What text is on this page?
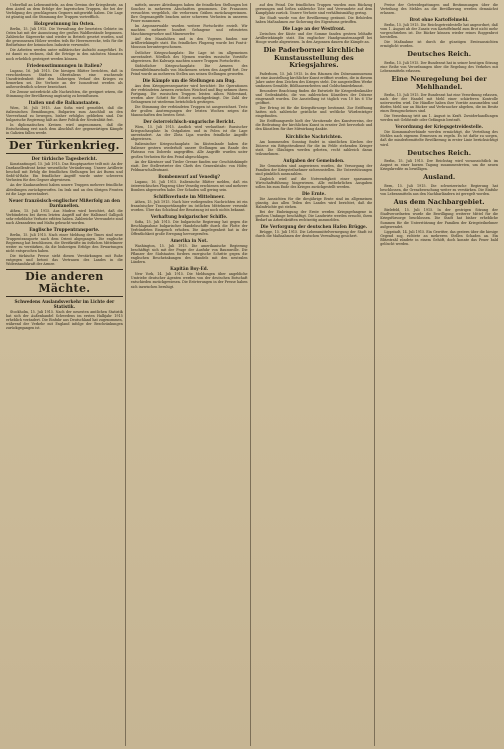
Ueberfluß an Lebensmitteln, an dem Gewinn der Kriegsbeute, an dem Anteil an dem Erfolge der bayerischen Truppen, die bei der Verfolgung des geschlagenen Gegners mitgewirkt haben. Die Lage ist günstig und die Stimmung der Truppen vortrefflich.

Holzgewinnung im Osten.

Berlin, 15. Juli 1915. Die Verwaltung der besetzten Gebiete im Osten hat mit der Ausnutzung der großen Waldbestände begonnen. Zahlreiche Sägewerke sind wieder in Betrieb gesetzt worden, und die gewonnenen Hölzer werden teils für Heereszwecke, teils für die Bedürfnisse der heimischen Industrie verwendet.

Die Arbeiten werden unter militärischer Aufsicht ausgeführt. Es ist damit zu rechnen, daß die Erträge in den nächsten Monaten noch erheblich gesteigert werden können.

Friedensstimmungen in Italien?

Lugano, 16. Juli 1915. Die hiesigen Blätter berichten, daß in verschiedenen Städten Oberitaliens eine wachsende Unzufriedenheit über den bisherigen Verlauf des Krieges zu bemerken sei. Die Verluste an der Isonzofront werden als außerordentlich schwer bezeichnet.

Die Zensur unterdrückt alle Nachrichten, die geeignet wären, die Stimmung der Bevölkerung ungünstig zu beeinflussen.

Italien und die Balkanstaaten.

Wien, 16. Juli 1915. Aus Sofia wird gemeldet, daß die italienischen Bemühungen, Bulgarien zum Anschluß an den Vierverband zu bewegen, bisher erfolglos geblieben sind. Die bulgarische Regierung hält an ihrer Politik der Neutralität fest.

In diplomatischen Kreisen wird angenommen, daß die Entscheidung erst nach dem Abschluß der gegenwärtigen Kämpfe in Galizien fallen werde.

Der Türkenkrieg.
Der türkische Tagesbericht.

Konstantinopel, 15. Juli 1915. Das Hauptquartier teilt mit: An der Dardanellenfront keine wesentliche Veränderung. Unsere Artillerie beschoß mit Erfolg die feindlichen Stellungen bei Ari Burnu und Sedd-ül-Bahr. Ein feindlicher Angriff wurde unter schweren Verlusten für den Gegner abgewiesen.

An der Kaukasusfront haben unsere Truppen mehrere feindliche Abteilungen zurückgeworfen. Im Irak und an den übrigen Fronten ist die Lage unverändert.

Neuer französisch-englischer Mißerfolg an den Dardanellen.

Athen, 15. Juli 1915. Aus Mudros wird berichtet, daß die Verbündeten bei ihrem letzten Angriff auf der Halbinsel Gallipoli sehr erhebliche Verluste erlitten haben. Zahlreiche Verwundete sind nach Alexandrien und Malta gebracht worden.

Englische Truppentransporte.

Berlin, 15. Juli 1915. Nach einer Meldung der Times sind neue Truppentransporte nach dem Orient abgegangen. Die englische Regierung hat beschlossen, die Streitkräfte im östlichen Mittelmeer weiter zu verstärken, da die bisherigen Erfolge den Erwartungen nicht entsprochen haben.

Die türkische Presse sieht diesen Verstärkungen mit Ruhe entgegen und betont das Vertrauen des Landes in die Widerstandskraft der Armee.

Die anderen Mächte.
Schwedens Auslandsverkehr im Lichte der Statistik.

Stockholm, 15. Juli 1915. Nach der neuesten amtlichen Statistik hat sich der Außenhandel Schwedens im ersten Halbjahr 1915 erheblich verändert. Die Einfuhr aus Deutschland hat zugenommen, während der Verkehr mit England infolge der Beschränkungen zurückgegangen ist.

mittels, unsere Abteilungen haben die feindlichen Stellungen bei Souchez in mehreren Abschnitten genommen. Die Franzosen versuchten vergeblich, die verlorenen Gräben zurückzugewinnen. Ihre Gegenangriffe brachen unter schweren Verlusten in unserem Feuer zusammen.

Im Argonnerwalde wurden weitere Fortschritte erzielt. Wir machten mehrere hundert Gefangene und erbeuteten Maschinengewehre und Minenwerfer.

Auf den Maashöhen und in den Vogesen fanden nur Artilleriekämpfe statt. Ein feindliches Flugzeug wurde bei Pont-à-Mousson heruntergeschossen.

Östlicher Kriegsschauplatz: Die Lage ist im allgemeinen unverändert. Nördlich des Njemen wurden russische Vorstöße abgewiesen. Bei Kalwarja machten unsere Truppen Fortschritte.

Südöstlicher Kriegsschauplatz: Die Armeen des Generalfeldmarschalls von Mackensen setzen den Angriff fort. Der Feind wurde an mehreren Stellen aus seinen Stellungen geworfen.

Die Kämpfe um die Stellungen am Bug.

Aus dem Kriegspressequartier wird berichtet: Die Operationen der verbündeten Armeen zwischen Weichsel und Bug nehmen ihren Fortgang. Die russischen Truppen leisten zähen Widerstand, werden aber Schritt für Schritt zurückgedrängt. Die Zahl der Gefangenen ist wiederum beträchtlich gestiegen.

Die Stimmung der verbündeten Truppen ist ausgezeichnet. Trotz der großen Anstrengungen der letzten Wochen zeigen die Mannschaften den besten Geist.

Der österreichisch-ungarische Bericht.

Wien, 15. Juli 1915. Amtlich wird verlautbart: Russischer Kriegsschauplatz: In Ostgalizien und in Polen ist die Lage unverändert. An der Zlota Lipa wurden feindliche Angriffe abgewiesen.

Italienischer Kriegsschauplatz: Im Küstenlande haben die Italiener gestern wiederholt unsere Stellungen am Rande des Plateaus von Doberdo angegriffen. Alle Angriffe wurden unter großen Verlusten für den Feind abgeschlagen.

An der Kärntner und Tiroler Grenze fanden nur Geschützkämpfe statt. Der Stellvertreter des Chefs des Generalstabs: von Höfer, Feldmarschalleutnant.

Bombenwurf auf Venedig?

Lugano, 16. Juli 1915. Italienische Blätter melden, daß ein österreichisches Flugzeug über Venedig erschienen sei und mehrere Bomben abgeworfen habe. Der Schaden soll gering sein.

Schiffsverluste im Mittelmeer.

Athen, 15. Juli 1915. Nach hier vorliegenden Nachrichten ist ein französischer Transportdampfer im östlichen Mittelmeer versenkt worden. Über das Schicksal der Besatzung ist noch nichts bekannt.

Verhaftung bulgarischer Schiffe.

Sofia, 15. Juli 1915. Die bulgarische Regierung hat gegen die Beschlagnahme bulgarischer Handelsschiffe durch die Flotte der Verbündeten Einspruch erhoben. Die Angelegenheit hat in der Öffentlichkeit große Erregung hervorgerufen.

Amerika in Not.

Washington, 15. Juli 1915. Die amerikanische Regierung beschäftigt sich mit der Frage der Ausfuhr von Baumwolle. Die Pflanzer der Südstaaten fordern energische Schritte gegen die englischen Beschränkungen des Handels mit den neutralen Ländern.

Kapitän Boy-Ed.

New York, 14. Juli 1915. Die Meldungen über angebliche Umtriebe deutscher Agenten werden von der deutschen Botschaft entschieden zurückgewiesen. Die Erörterungen in der Presse haben sich inzwischen beruhigt.

auf den Feind. Die feindlichen Truppen wurden zum Rückzug gezwungen und ließen zahlreiche Tote und Verwundete auf dem Kampfplatz zurück. Unsere Verluste sind verhältnismäßig gering.

Die Stadt wurde von der Bevölkerung geräumt. Die Behörden haben Maßnahmen zur Sicherung des Eigentums getroffen.

Die Lage an der Westfront.

Zwischen der Küste und der Somme fanden gestern lebhafte Artilleriekämpfe statt. Ein englischer Handgranatenangriff bei Hooge wurde abgewiesen. In den Argonnen dauern die Kämpfe an.

Die Paderborner kirchliche Kunstausstellung des Kriegsjahres.

Paderborn, 15. Juli 1915. In den Räumen des Diözesanmuseums ist eine Ausstellung kirchlicher Kunst eröffnet worden, die in diesem Jahre unter dem Zeichen des Krieges steht. Die ausgestellten Werke umfassen Gemälde, Bildhauerarbeiten und Goldschmiedekunst.

Besondere Beachtung finden die Entwürfe für Kriegerdenkmäler und Gedenktafeln, die von zahlreichen Künstlern der Diözese eingesandt wurden. Die Ausstellung ist täglich von 10 bis 6 Uhr geöffnet.

Der Ertrag ist für die Kriegsfürsorge bestimmt. Zur Eröffnung hatten sich zahlreiche geistliche und weltliche Würdenträger eingefunden.

Die Eröffnungsrede hielt der Vorsitzende des Kunstvereins, der die Bedeutung der kirchlichen Kunst in ernster Zeit hervorhob und den Künstlern für ihre Mitwirkung dankte.

Kirchliche Nachrichten.

Am kommenden Sonntag findet in sämtlichen Kirchen der Diözese ein Bittgottesdienst für die im Felde stehenden Krieger statt. Die Gläubigen werden gebeten, recht zahlreich daran teilzunehmen.

Aufgaben der Gemeinden.

Die Gemeinden sind angewiesen worden, die Versorgung der Familien der Kriegsteilnehmer sicherzustellen. Die Unterstützungen sind pünktlich auszuzahlen.

Zugleich wird auf die Notwendigkeit einer sparsamen Wirtschaftsführung hingewiesen. Alle entbehrlichen Ausgaben sollen bis zum Ende des Krieges zurückgestellt werden.

Die Ernte.

Die Aussichten für die diesjährige Ernte sind im allgemeinen günstig. Aus allen Teilen des Landes wird berichtet, daß die Halmfrüchte gut stehen.

Bei der Einbringung der Ernte werden Kriegsgefangene in großem Umfange beschäftigt. Die Landwirte werden ersucht, ihren Bedarf an Arbeitskräften rechtzeitig anzumelden.

Die Verforgung der deutschen Hafen Brügge.

Brügge, 15. Juli 1915. Die Lebensmittelversorgung der Stadt ist durch die Maßnahmen der deutschen Verwaltung gesichert.

Preise der Getreidegattungen und Bestimmungen über die Verteilung des Mehles an die Bevölkerung werden demnächst erlassen.

Brot ohne Kartoffelmehl.

Berlin, 15. Juli 1915. Die Reichsgetreidestelle hat angeordnet, daß vom 1. August ab der Zusatz von Kartoffelmehl zum Brot nicht mehr vorgeschrieben ist. Die Bäcker können wieder reines Roggenbrot herstellen.

Die Maßnahme ist durch die günstigen Ernteaussichten ermöglicht worden.

Deutsches Reich.

Berlin, 15. Juli 1915. Der Bundesrat hat in seiner heutigen Sitzung eine Reihe von Verordnungen über die Regelung des Verkehrs mit Lebensmitteln erlassen.

Eine Neuregelung bei der Mehlhandel.

Berlin, 15. Juli 1915. Der Bundesrat hat eine Verordnung erlassen, nach der der Handel mit Mehl einer schärferen Kontrolle unterworfen wird. Die Händler haben ihre Vorräte anzumelden und dürfen Mehl nur an Bäcker und Verbraucher abgeben, die im Besitz eines Bezugsscheines sind.

Die Verordnung tritt am 1. August in Kraft. Zuwiderhandlungen werden mit Geldstrafe oder Gefängnis bestraft.

Verordnung der Kriegsgetreidestelle.

Die Kommunalverbände werden ermächtigt, die Verteilung des Mehles nach eigenem Ermessen zu regeln. Es ist dafür zu sorgen, daß die minderbemittelte Bevölkerung in erster Linie berücksichtigt wird.

Deutsches Reich.

Berlin, 15. Juli 1915. Der Reichstag wird voraussichtlich im August zu einer kurzen Tagung zusammentreten, um die neuen Kriegskredite zu bewilligen.

Ausland.

Bern, 15. Juli 1915. Die schweizerische Regierung hat beschlossen, die Grenzbewachung weiter zu verstärken. Die Einfuhr von Lebensmitteln aus den Nachbarländern ist geregelt worden.

Aus dem Nachbargebiet.

Bielefeld, 15. Juli 1915. In der gestrigen Sitzung der Stadtverordneten wurde die Bewilligung weiterer Mittel für die Kriegsfürsorge beschlossen. Die Stadt hat bisher erhebliche Summen für die Unterstützung der Familien der Kriegsteilnehmer aufgewendet.

Lippstadt, 14. Juli 1915. Ein Gewitter, das gestern über die hiesige Gegend zog, richtete an mehreren Stellen Schaden an. Ein Blitzstrahl zündete in einem Gehöft, doch konnte das Feuer bald gelöscht werden.
